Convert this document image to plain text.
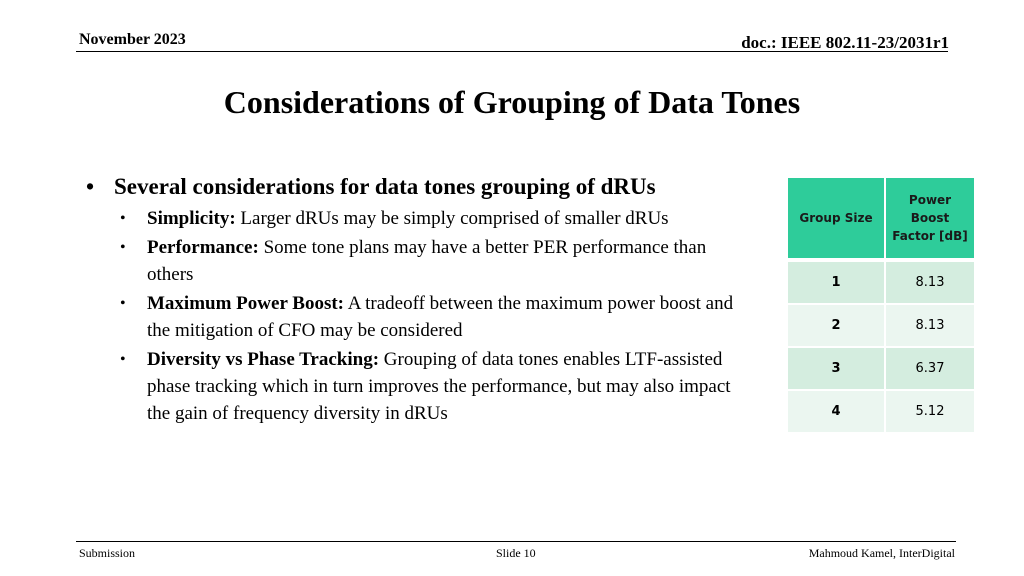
November 2023	doc.: IEEE 802.11-23/2031r1
Considerations of Grouping of Data Tones
• Several considerations for data tones grouping of dRUs
•	Simplicity: Larger dRUs may be simply comprised of smaller dRUs
•	Performance: Some tone plans may have a better PER performance than others
•	Maximum Power Boost: A tradeoff between the maximum power boost and the mitigation of CFO may be considered
•	Diversity vs Phase Tracking: Grouping of data tones enables LTF-assisted phase tracking which in turn improves the performance, but may also impact the gain of frequency diversity in dRUs
Group Size	Power Boost Factor [dB]
1	8.13
2	8.13
3	6.37
4	5.12
Submission	Slide 10	Mahmoud Kamel, InterDigital
